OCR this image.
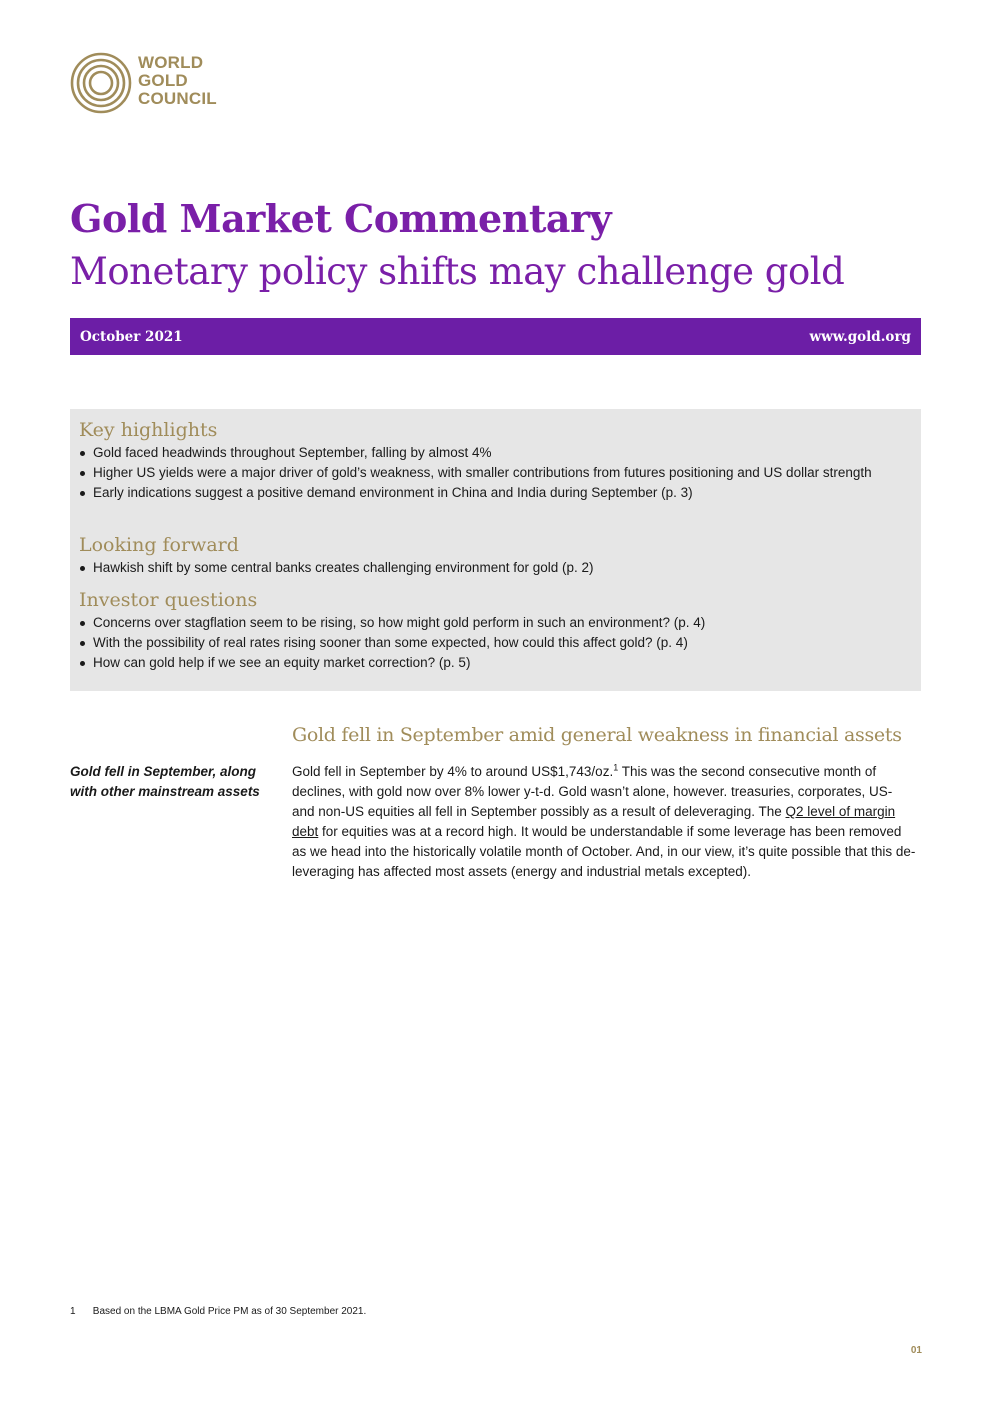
WORLD
GOLD
COUNCIL
Gold Market Commentary
Monetary policy shifts may challenge gold
October 2021	www.gold.org
Key highlights
Gold faced headwinds throughout September, falling by almost 4%
Higher US yields were a major driver of gold’s weakness, with smaller contributions from futures positioning and US dollar strength
Early indications suggest a positive demand environment in China and India during September (p. 3)
Looking forward
Hawkish shift by some central banks creates challenging environment for gold (p. 2)
Investor questions
Concerns over stagflation seem to be rising, so how might gold perform in such an environment? (p. 4)
With the possibility of real rates rising sooner than some expected, how could this affect gold? (p. 4)
How can gold help if we see an equity market correction? (p. 5)
Gold fell in September amid general weakness in financial assets
Gold fell in September, along with other mainstream assets

Gold fell in September by 4% to around US$1,743/oz.$^1$ This was the second consecutive month of declines, with gold now over 8% lower y-t-d. Gold wasn’t alone, however. treasuries, corporates, US- and non-US equities all fell in September possibly as a result of deleveraging. The Q2 level of margin debt for equities was at a record high. It would be understandable if some leverage has been removed as we head into the historically volatile month of October. And, in our view, it’s quite possible that this de-leveraging has affected most assets (energy and industrial metals excepted).

1 Based on the LBMA Gold Price PM as of 30 September 2021.
01
